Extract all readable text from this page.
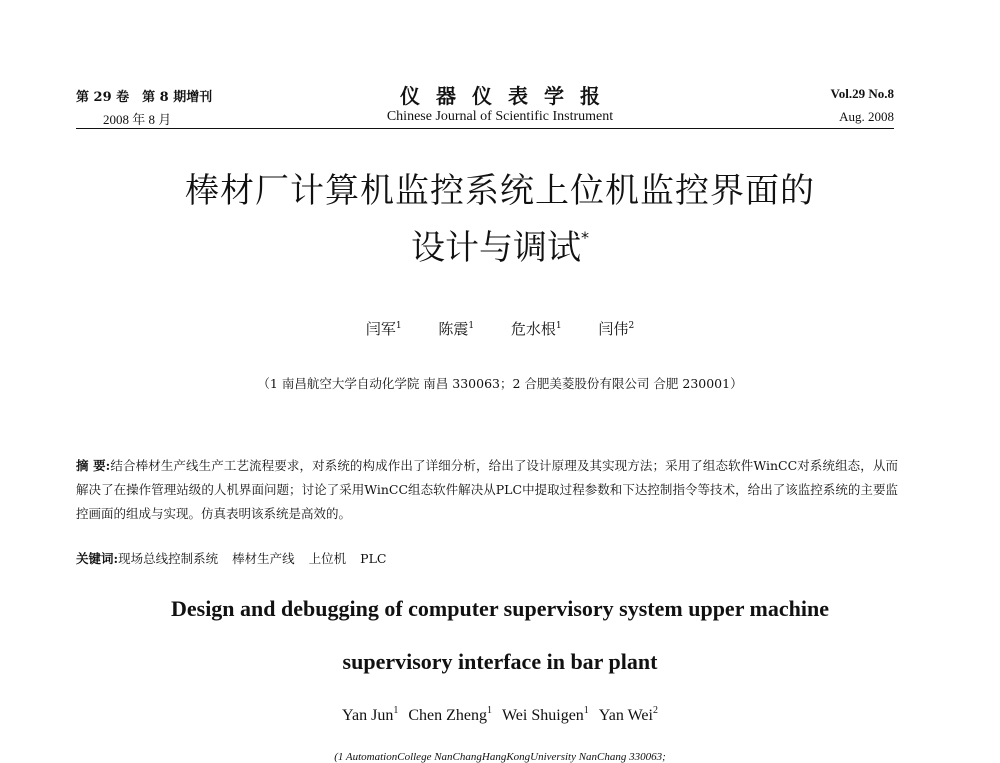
第 29 卷　第 8 期增刊
2008 年 8 月
仪器仪表学报
Chinese Journal of Scientific Instrument
Vol.29 No.8
Aug. 2008
棒材厂计算机监控系统上位机监控界面的
设计与调试*
闫军$^1$ 陈震$^1$ 危水根$^1$ 闫伟$^2$
（1 南昌航空大学自动化学院 南昌 330063；2 合肥美菱股份有限公司 合肥 230001）
摘 要:结合棒材生产线生产工艺流程要求，对系统的构成作出了详细分析，给出了设计原理及其实现方法；采用了组态软件WinCC对系统组态，从而解决了在操作管理站级的人机界面问题；讨论了采用WinCC组态软件解决从PLC中提取过程参数和下达控制指令等技术，给出了该监控系统的主要监控画面的组成与实现。仿真表明该系统是高效的。
关键词:现场总线控制系统 棒材生产线 上位机 PLC
Design and debugging of computer supervisory system upper machine
supervisory interface in bar plant
Yan Jun$^1$ Chen Zheng$^1$ Wei Shuigen$^1$ Yan Wei$^2$
(1 AutomationCollege NanChangHangKongUniversity NanChang 330063;
